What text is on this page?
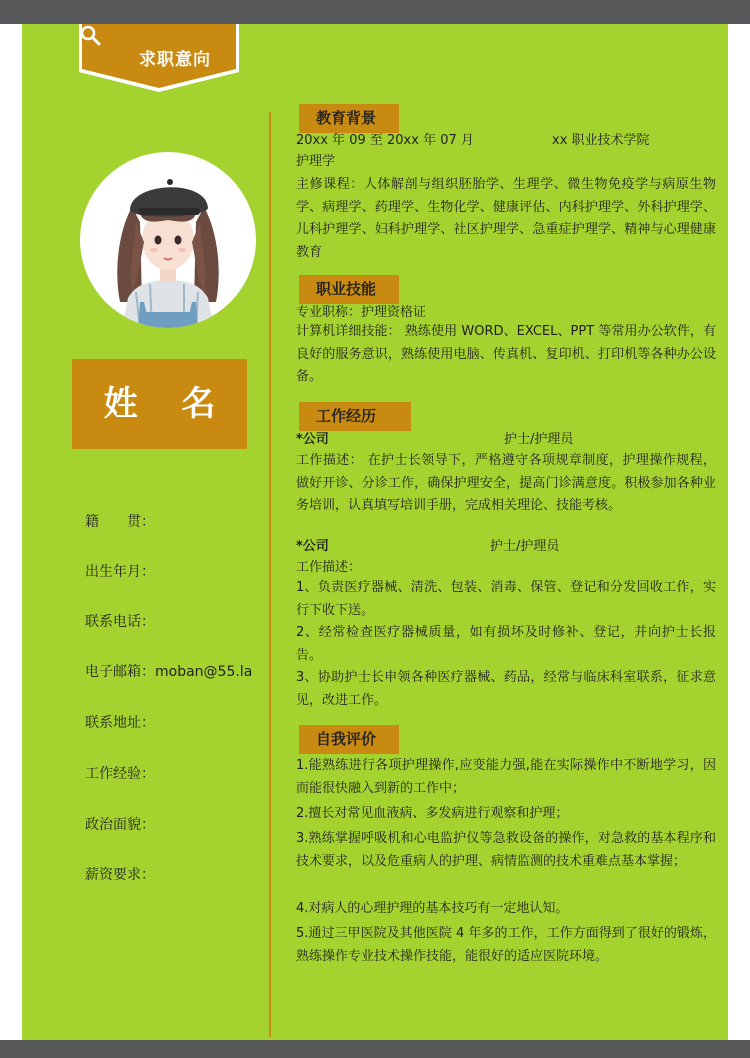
求职意向
姓 名
籍　　贯：
出生年月：
联系电话：
电子邮箱：moban@55.la
联系地址：
工作经验：
政治面貌：
薪资要求：
教育背景
20xx 年 09 至 20xx 年 07 月	xx 职业技术学院
护理学
主修课程：人体解剖与组织胚胎学、生理学、微生物免疫学与病原生物学、病理学、药理学、生物化学、健康评估、内科护理学、外科护理学、儿科护理学、妇科护理学、社区护理学、急重症护理学、精神与心理健康教育
职业技能
专业职称：护理资格证
计算机详细技能： 熟练使用 WORD、EXCEL、PPT 等常用办公软件，有良好的服务意识，熟练使用电脑、传真机、复印机、打印机等各种办公设备。
工作经历
*公司	护士/护理员
工作描述： 在护士长领导下，严格遵守各项规章制度，护理操作规程，做好开诊、分诊工作，确保护理安全，提高门诊满意度。积极参加各种业务培训，认真填写培训手册，完成相关理论、技能考核。
*公司	护士/护理员
工作描述：
1、负责医疗器械、清洗、包装、消毒、保管、登记和分发回收工作，实行下收下送。
2、经常检查医疗器械质量，如有损坏及时修补、登记，并向护士长报告。
3、协助护士长申领各种医疗器械、药品，经常与临床科室联系，征求意见，改进工作。
自我评价
1.能熟练进行各项护理操作,应变能力强,能在实际操作中不断地学习，因而能很快融入到新的工作中；
2.擅长对常见血液病、多发病进行观察和护理；
3.熟练掌握呼吸机和心电监护仪等急救设备的操作，对急救的基本程序和技术要求，以及危重病人的护理、病情监测的技术重难点基本掌握；
4.对病人的心理护理的基本技巧有一定地认知。
5.通过三甲医院及其他医院 4 年多的工作，工作方面得到了很好的锻炼，熟练操作专业技术操作技能，能很好的适应医院环境。
